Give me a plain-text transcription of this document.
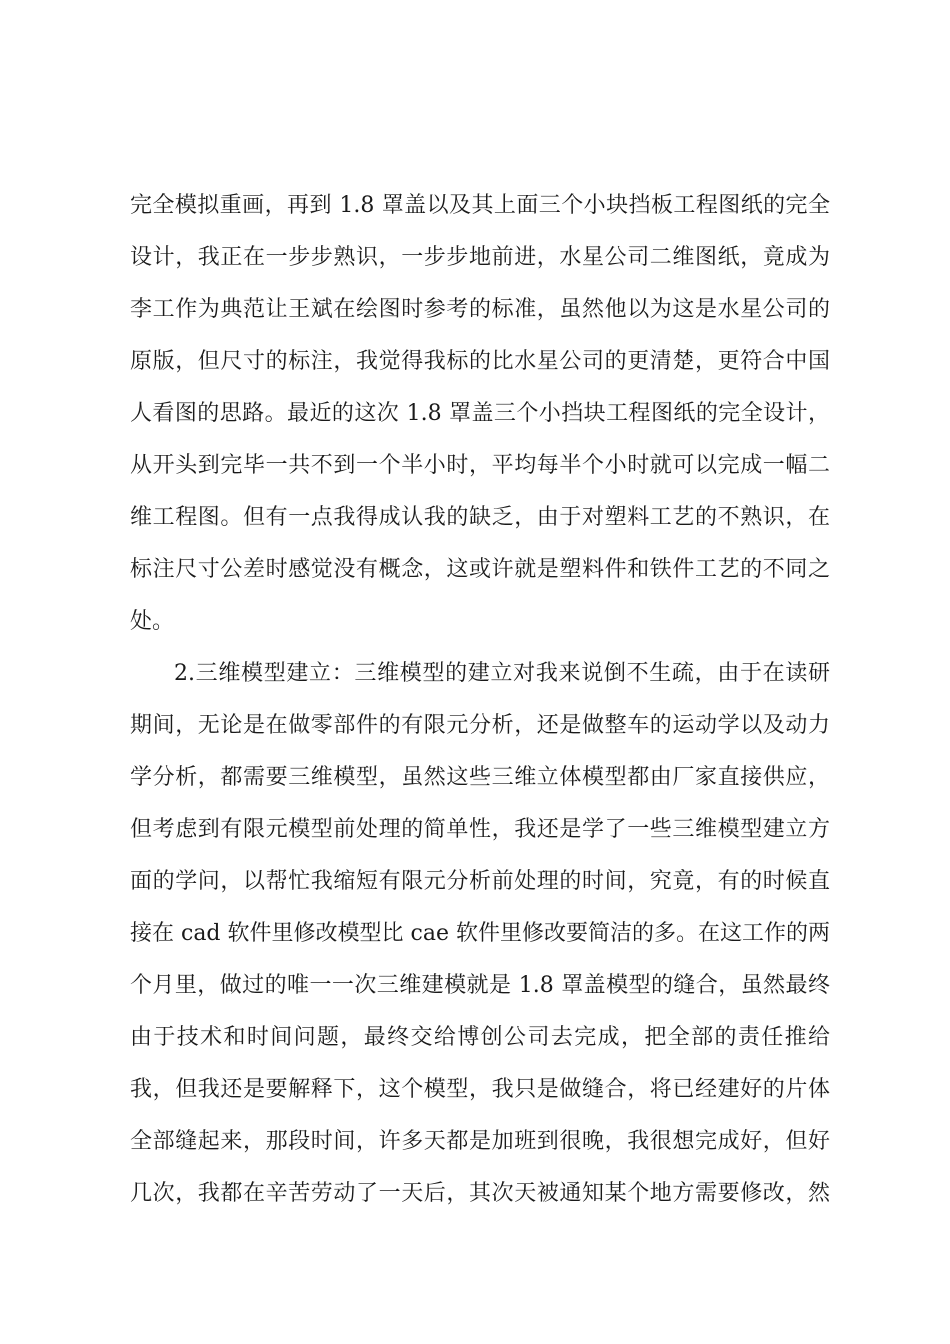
完全模拟重画，再到 1.8 罩盖以及其上面三个小块挡板工程图纸的完全
设计，我正在一步步熟识，一步步地前进，水星公司二维图纸，竟成为
李工作为典范让王斌在绘图时参考的标准，虽然他以为这是水星公司的
原版，但尺寸的标注，我觉得我标的比水星公司的更清楚，更符合中国
人看图的思路。最近的这次 1.8 罩盖三个小挡块工程图纸的完全设计，
从开头到完毕一共不到一个半小时，平均每半个小时就可以完成一幅二
维工程图。但有一点我得成认我的缺乏，由于对塑料工艺的不熟识，在
标注尺寸公差时感觉没有概念，这或许就是塑料件和铁件工艺的不同之
处。
2.三维模型建立：三维模型的建立对我来说倒不生疏，由于在读研
期间，无论是在做零部件的有限元分析，还是做整车的运动学以及动力
学分析，都需要三维模型，虽然这些三维立体模型都由厂家直接供应，
但考虑到有限元模型前处理的简单性，我还是学了一些三维模型建立方
面的学问，以帮忙我缩短有限元分析前处理的时间，究竟，有的时候直
接在 cad 软件里修改模型比 cae 软件里修改要简洁的多。在这工作的两
个月里，做过的唯一一次三维建模就是 1.8 罩盖模型的缝合，虽然最终
由于技术和时间问题，最终交给博创公司去完成，把全部的责任推给
我，但我还是要解释下，这个模型，我只是做缝合，将已经建好的片体
全部缝起来，那段时间，许多天都是加班到很晚，我很想完成好，但好
几次，我都在辛苦劳动了一天后，其次天被通知某个地方需要修改，然
